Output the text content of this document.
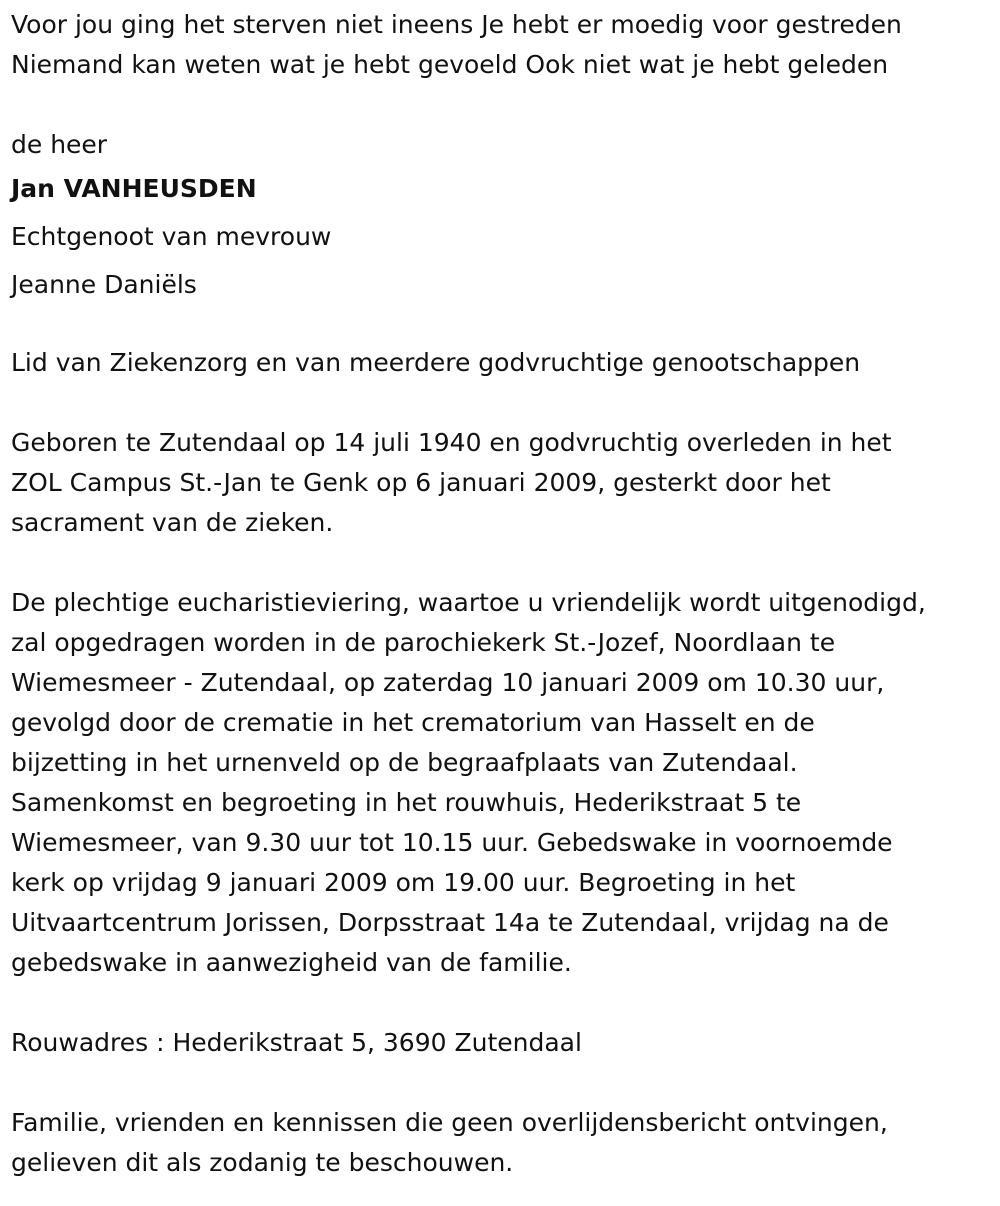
Voor jou ging het sterven niet ineens Je hebt er moedig voor gestreden

Niemand kan weten wat je hebt gevoeld Ook niet wat je hebt geleden

de heer

Jan VANHEUSDEN

Echtgenoot van mevrouw

Jeanne Daniëls

Lid van Ziekenzorg en van meerdere godvruchtige genootschappen

Geboren te Zutendaal op 14 juli 1940 en godvruchtig overleden in het

ZOL Campus St.-Jan te Genk op 6 januari 2009, gesterkt door het

sacrament van de zieken.

De plechtige eucharistieviering, waartoe u vriendelijk wordt uitgenodigd,

zal opgedragen worden in de parochiekerk St.-Jozef, Noordlaan te

Wiemesmeer - Zutendaal, op zaterdag 10 januari 2009 om 10.30 uur,

gevolgd door de crematie in het crematorium van Hasselt en de

bijzetting in het urnenveld op de begraafplaats van Zutendaal.

Samenkomst en begroeting in het rouwhuis, Hederikstraat 5 te

Wiemesmeer, van 9.30 uur tot 10.15 uur. Gebedswake in voornoemde

kerk op vrijdag 9 januari 2009 om 19.00 uur. Begroeting in het

Uitvaartcentrum Jorissen, Dorpsstraat 14a te Zutendaal, vrijdag na de

gebedswake in aanwezigheid van de familie.

Rouwadres : Hederikstraat 5, 3690 Zutendaal

Familie, vrienden en kennissen die geen overlijdensbericht ontvingen,

gelieven dit als zodanig te beschouwen.
